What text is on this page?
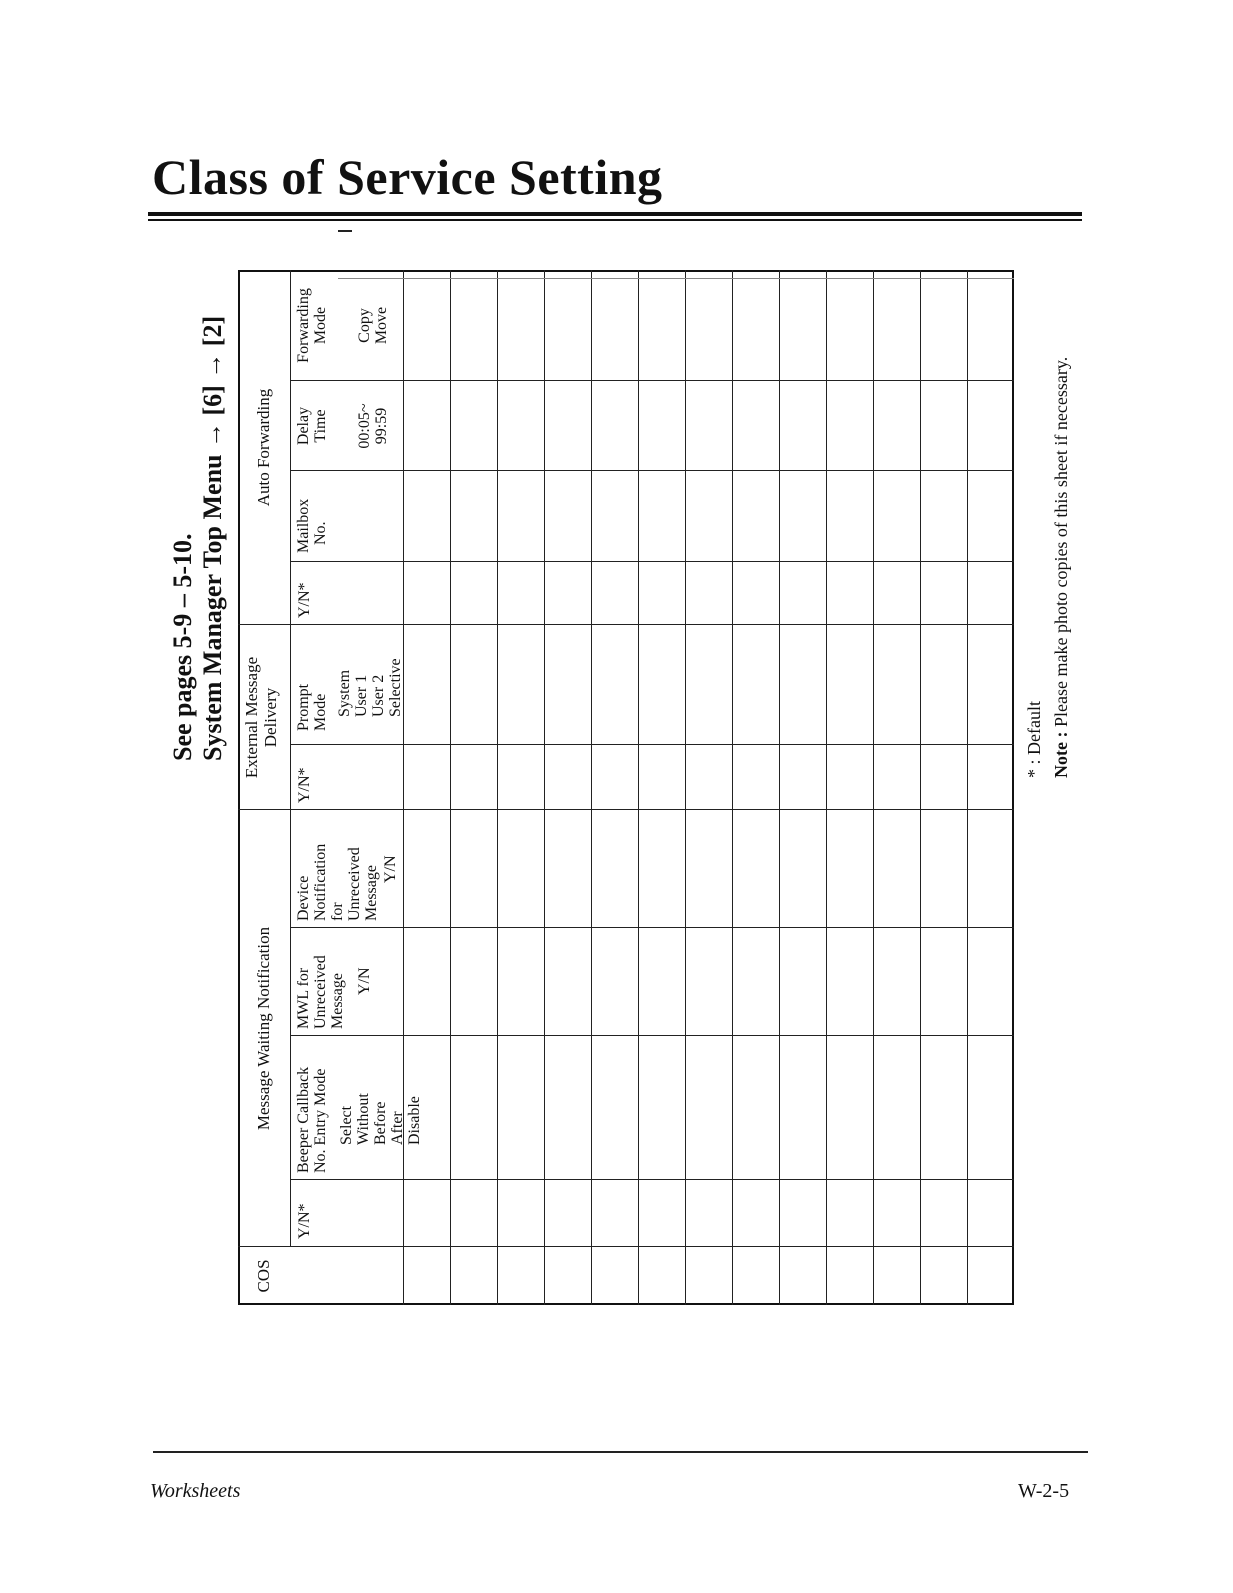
Class of Service Setting
See pages 5-9 – 5-10. System Manager Top Menu → [6] → [2]
COS
Message Waiting Notification
External Message Delivery
Auto Forwarding
Y/N*
Beeper Callback No. Entry Mode Select Without Before After Disable
MWL for Unreceived Message Y/N
Device Notification for Unreceived Message Y/N
Y/N*
Prompt Mode System User 1 User 2 Selective
Y/N*
Mailbox No.
Delay Time 00:05~ 99:59
Forwarding Mode Copy Move
* : Default Note : Please make photo copies of this sheet if necessary.
Worksheets	W-2-5
